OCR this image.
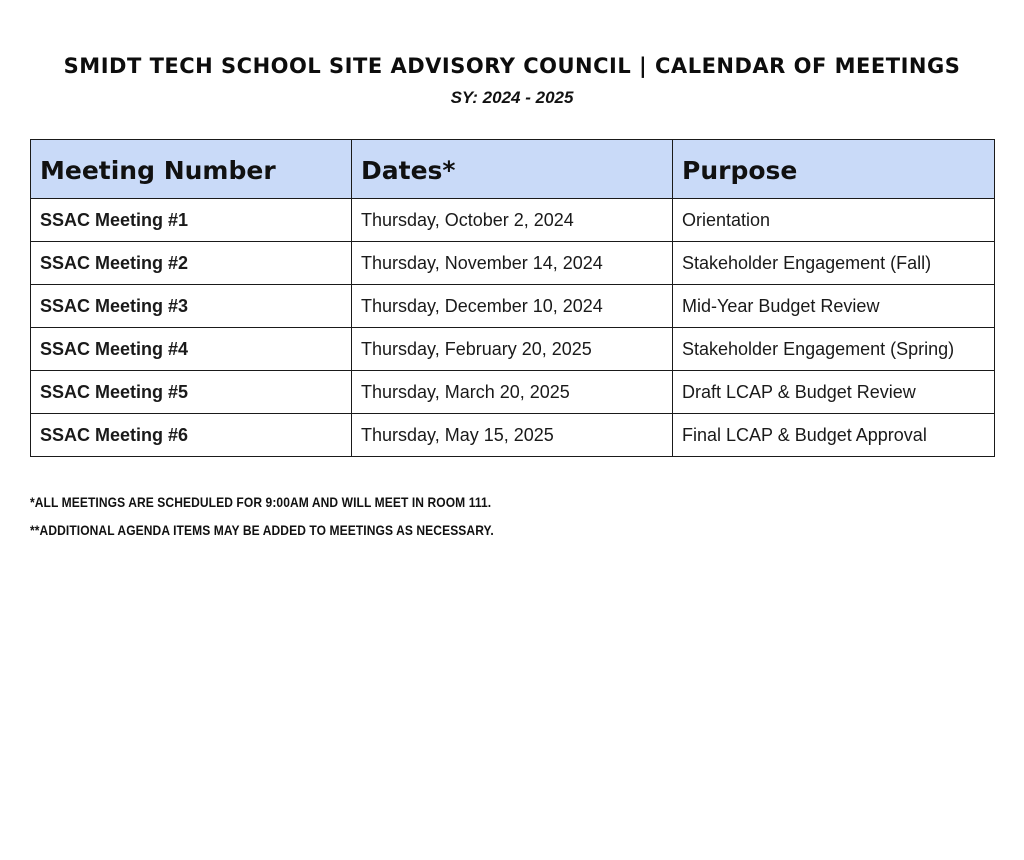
SMIDT TECH SCHOOL SITE ADVISORY COUNCIL | CALENDAR OF MEETINGS
SY: 2024 - 2025
Meeting Number	Dates*	Purpose
SSAC Meeting #1	Thursday, October 2, 2024	Orientation
SSAC Meeting #2	Thursday, November 14, 2024	Stakeholder Engagement (Fall)
SSAC Meeting #3	Thursday, December 10, 2024	Mid-Year Budget Review
SSAC Meeting #4	Thursday, February 20, 2025	Stakeholder Engagement (Spring)
SSAC Meeting #5	Thursday, March 20, 2025	Draft LCAP & Budget Review
SSAC Meeting #6	Thursday, May 15, 2025	Final LCAP & Budget Approval
*ALL MEETINGS ARE SCHEDULED FOR 9:00AM AND WILL MEET IN ROOM 111.
**ADDITIONAL AGENDA ITEMS MAY BE ADDED TO MEETINGS AS NECESSARY.
